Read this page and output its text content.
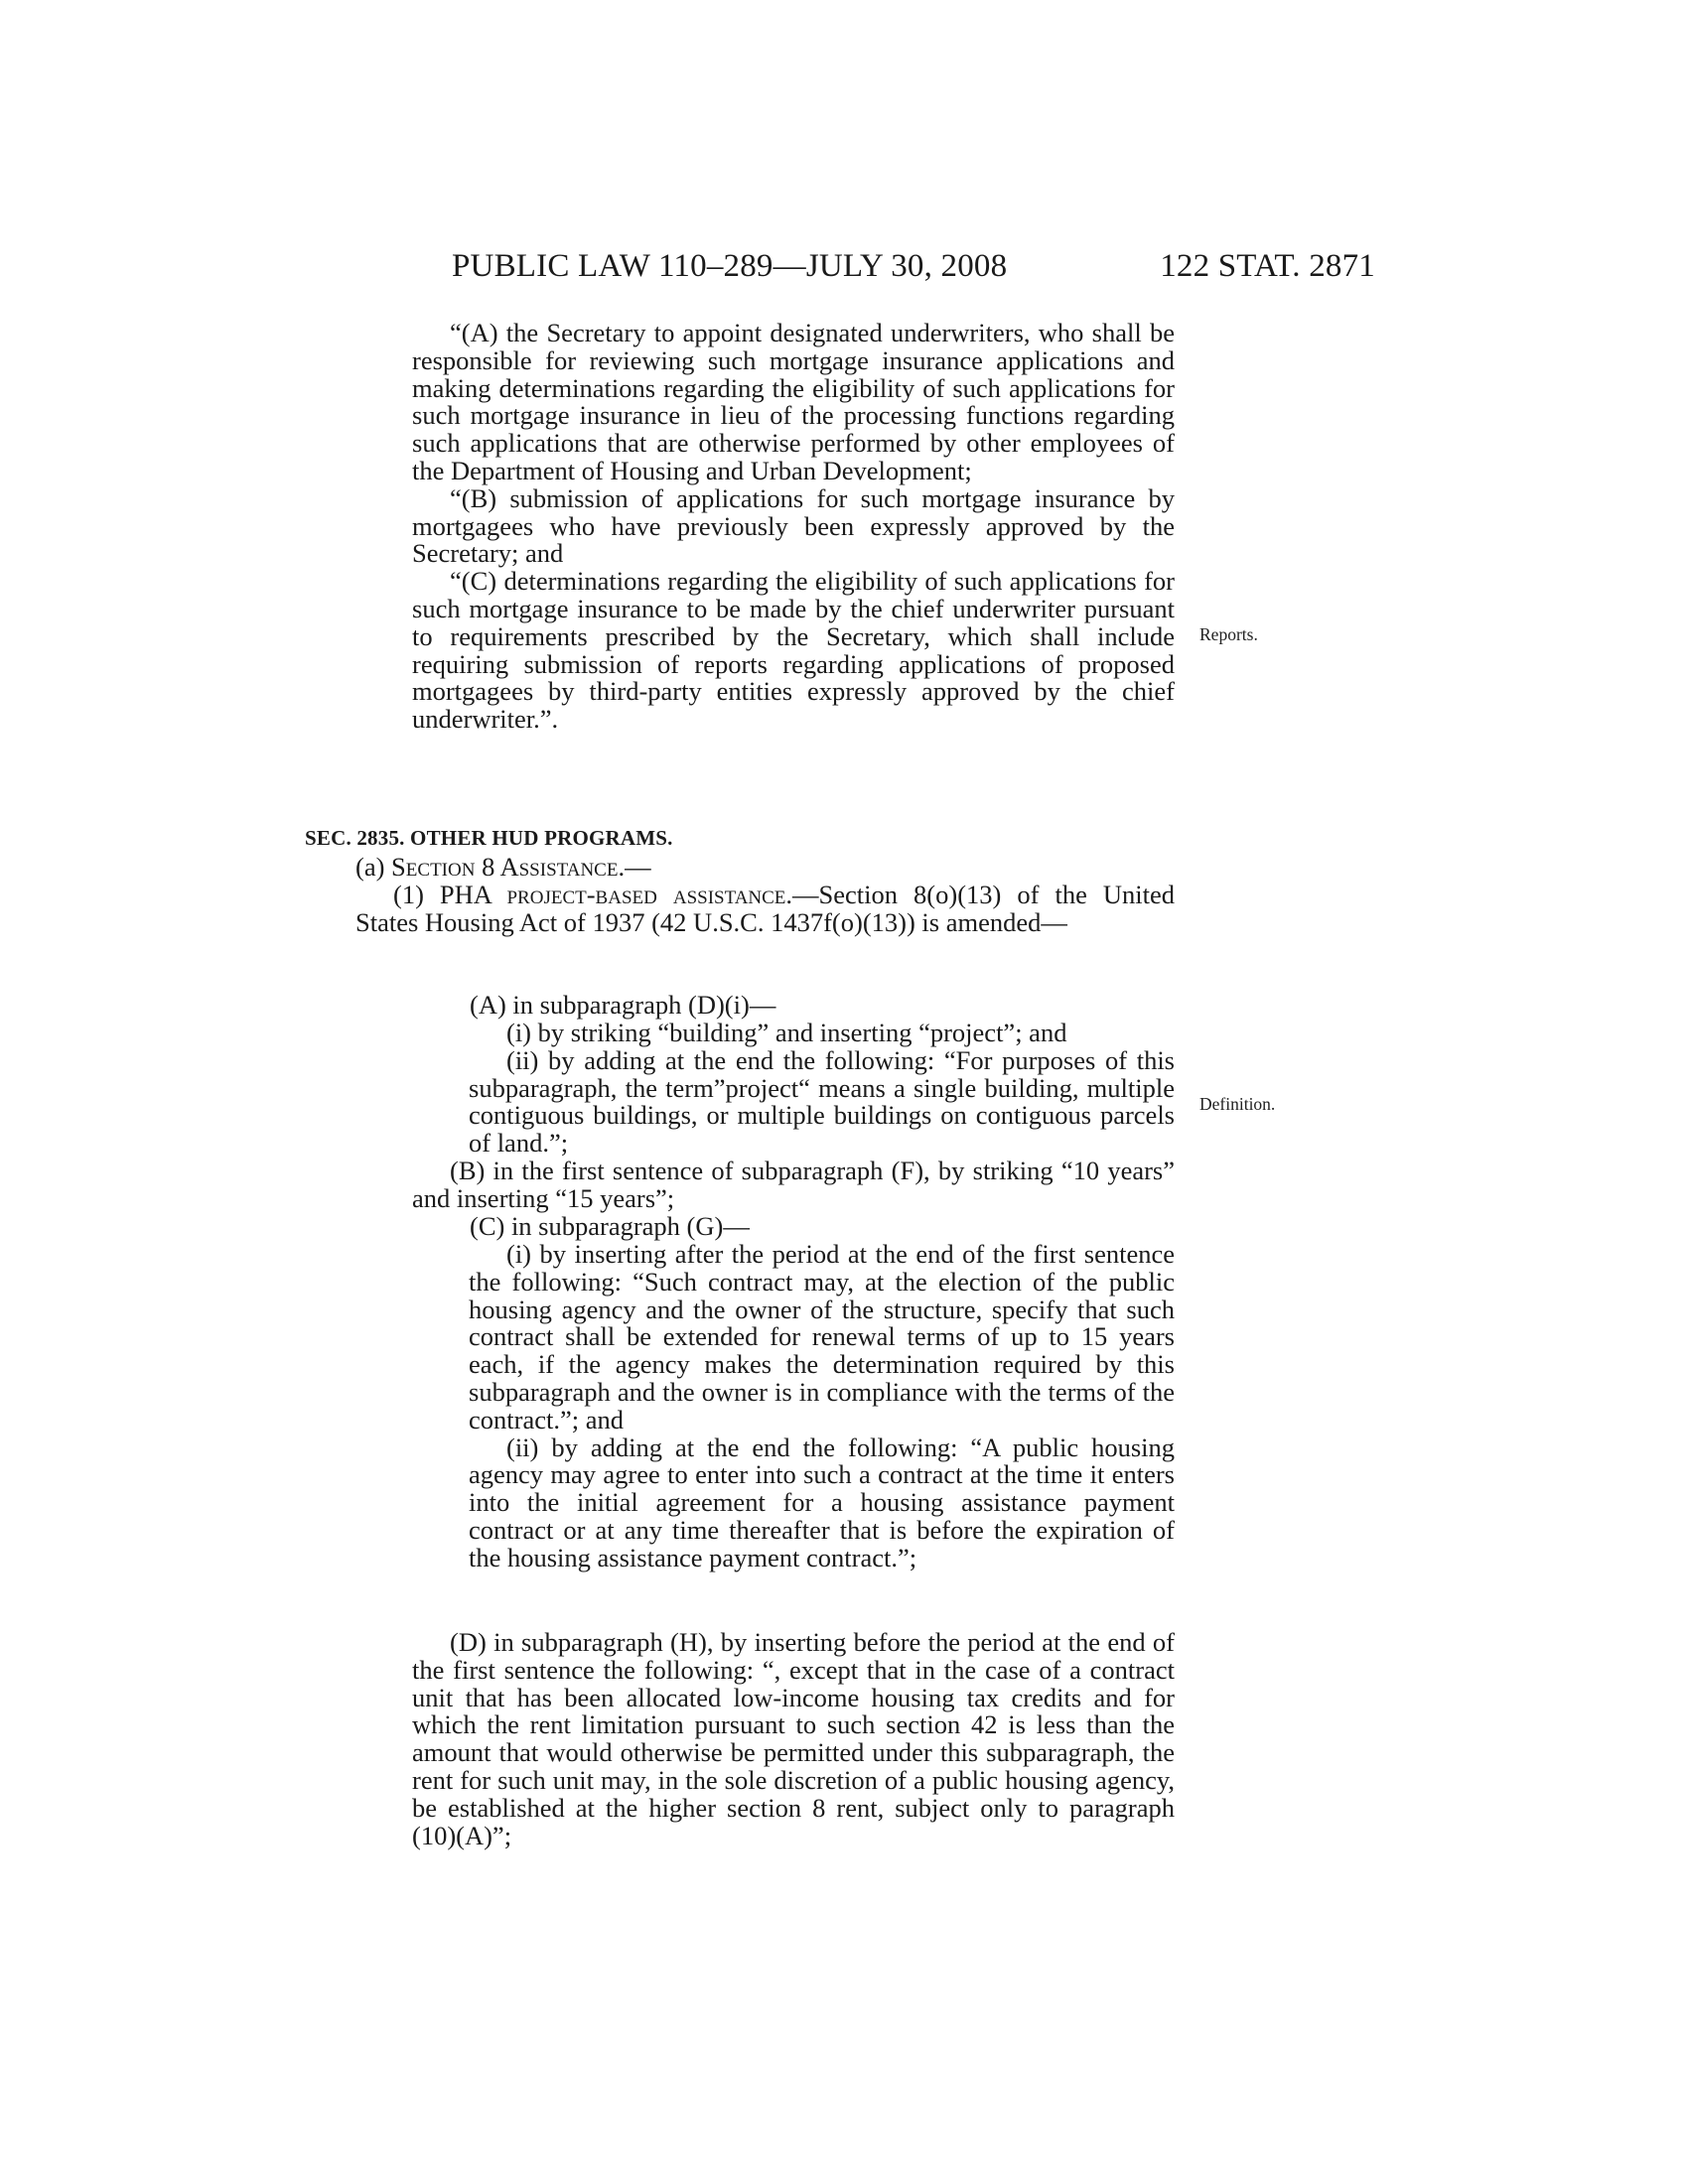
PUBLIC LAW 110–289—JULY 30, 2008	122 STAT. 2871

“(A) the Secretary to appoint designated underwriters, who shall be responsible for reviewing such mortgage insurance applications and making determinations regarding the eligibility of such applications for such mortgage insurance in lieu of the processing functions regarding such applications that are otherwise performed by other employees of the Department of Housing and Urban Development;

“(B) submission of applications for such mortgage insurance by mortgagees who have previously been expressly approved by the Secretary; and

“(C) determinations regarding the eligibility of such applications for such mortgage insurance to be made by the chief underwriter pursuant to requirements prescribed by the Secretary, which shall include requiring submission of reports regarding applications of proposed mortgagees by third-party entities expressly approved by the chief underwriter.”.

Reports.
SEC. 2835. OTHER HUD PROGRAMS.

(a) Section 8 Assistance.—

(1) PHA project-based assistance.—Section 8(o)(13) of the United States Housing Act of 1937 (42 U.S.C. 1437f(o)(13)) is amended—

(A) in subparagraph (D)(i)—

(i) by striking “building” and inserting “project”; and

(ii) by adding at the end the following: “For purposes of this subparagraph, the term”project“ means a single building, multiple contiguous buildings, or multiple buildings on contiguous parcels of land.”;

Definition.

(B) in the first sentence of subparagraph (F), by striking “10 years” and inserting “15 years”;

(C) in subparagraph (G)—

(i) by inserting after the period at the end of the first sentence the following: “Such contract may, at the election of the public housing agency and the owner of the structure, specify that such contract shall be extended for renewal terms of up to 15 years each, if the agency makes the determination required by this subparagraph and the owner is in compliance with the terms of the contract.”; and

(ii) by adding at the end the following: “A public housing agency may agree to enter into such a contract at the time it enters into the initial agreement for a housing assistance payment contract or at any time thereafter that is before the expiration of the housing assistance payment contract.”;

(D) in subparagraph (H), by inserting before the period at the end of the first sentence the following: “, except that in the case of a contract unit that has been allocated low-income housing tax credits and for which the rent limitation pursuant to such section 42 is less than the amount that would otherwise be permitted under this subparagraph, the rent for such unit may, in the sole discretion of a public housing agency, be established at the higher section 8 rent, subject only to paragraph (10)(A)”;
